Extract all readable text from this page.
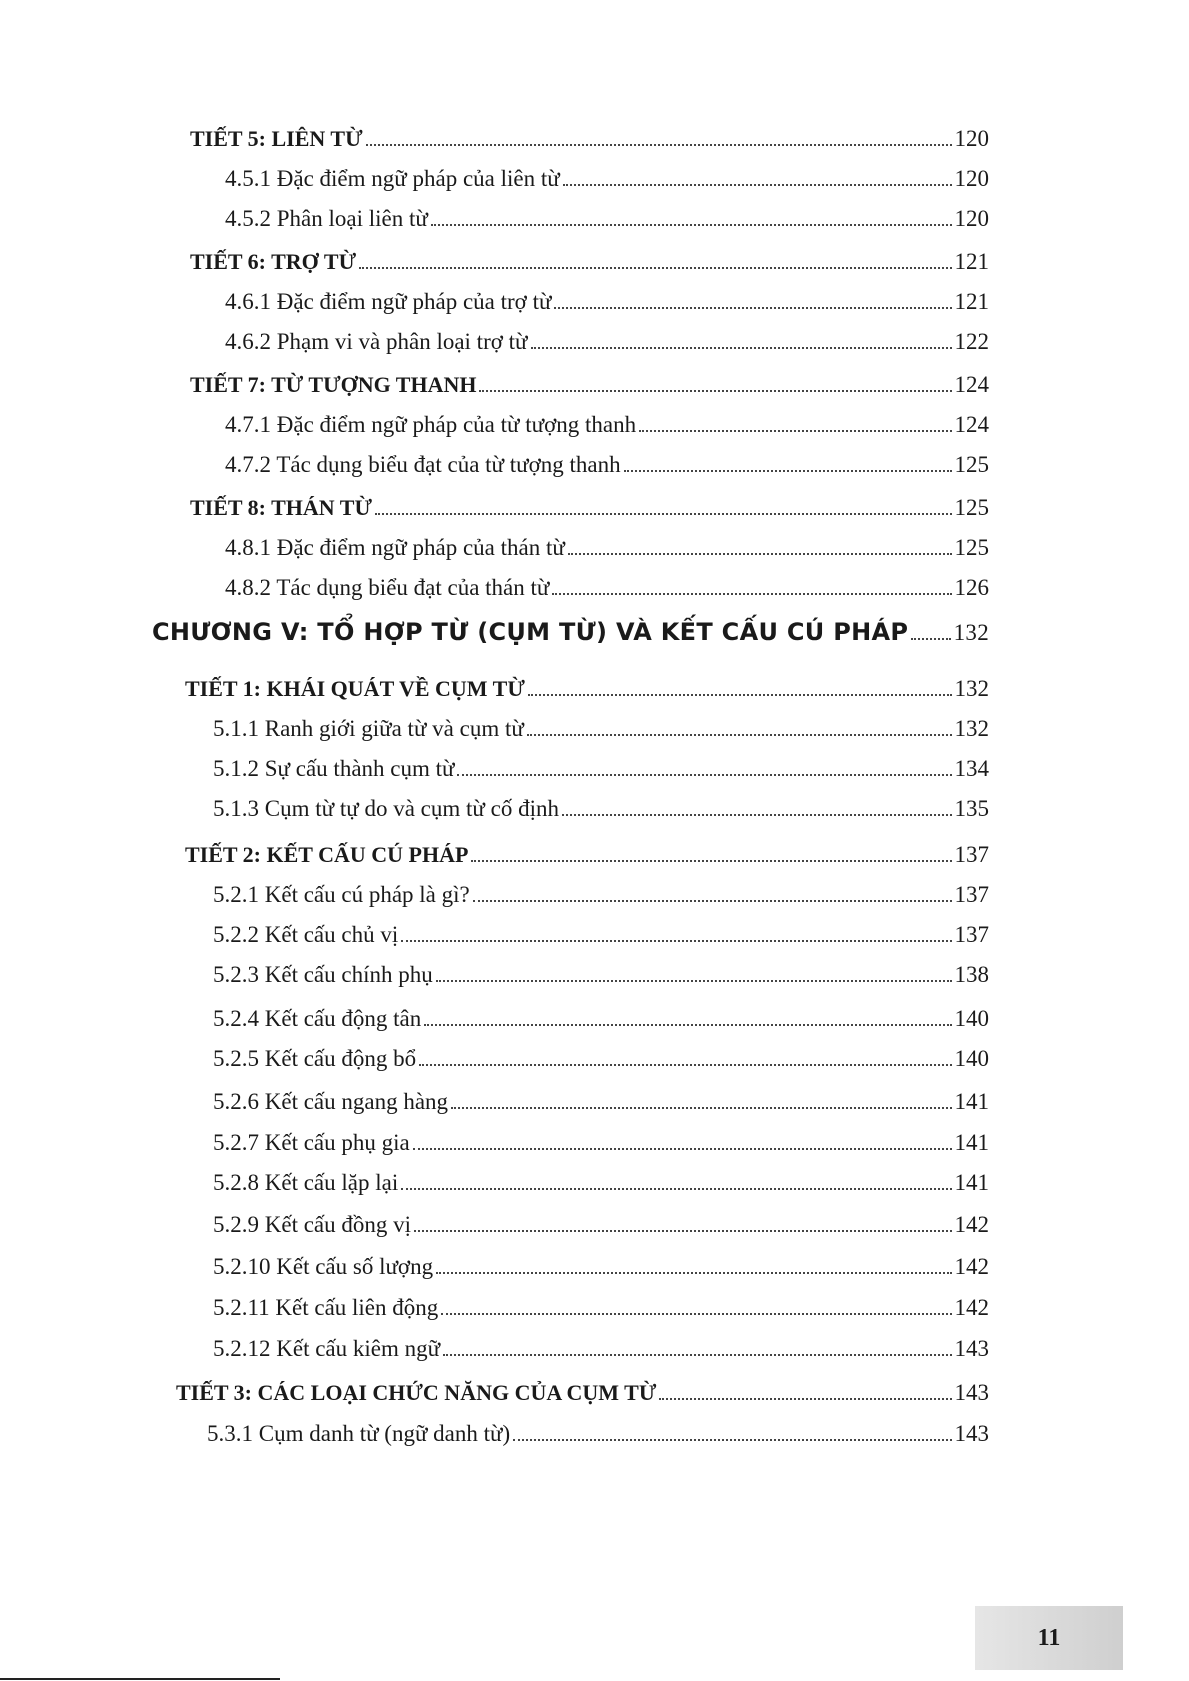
TIẾT 5: LIÊN TỪ	120
4.5.1 Đặc điểm ngữ pháp của liên từ	120
4.5.2 Phân loại liên từ	120
TIẾT 6: TRỢ TỪ	121
4.6.1 Đặc điểm ngữ pháp của trợ từ	121
4.6.2 Phạm vi và phân loại trợ từ	122
TIẾT 7: TỪ TƯỢNG THANH	124
4.7.1 Đặc điểm ngữ pháp của từ tượng thanh	124
4.7.2 Tác dụng biểu đạt của từ tượng thanh	125
TIẾT 8: THÁN TỪ	125
4.8.1 Đặc điểm ngữ pháp của thán từ	125
4.8.2 Tác dụng biểu đạt của thán từ	126
CHƯƠNG V: TỔ HỢP TỪ (CỤM TỪ) VÀ KẾT CẤU CÚ PHÁP 132
TIẾT 1: KHÁI QUÁT VỀ CỤM TỪ	132
5.1.1 Ranh giới giữa từ và cụm từ	132
5.1.2 Sự cấu thành cụm từ	134
5.1.3 Cụm từ tự do và cụm từ cố định	135
TIẾT 2: KẾT CẤU CÚ PHÁP	137
5.2.1 Kết cấu cú pháp là gì?	137
5.2.2 Kết cấu chủ vị	137
5.2.3 Kết cấu chính phụ	138
5.2.4 Kết cấu động tân	140
5.2.5 Kết cấu động bổ	140
5.2.6 Kết cấu ngang hàng	141
5.2.7 Kết cấu phụ gia	141
5.2.8 Kết cấu lặp lại	141
5.2.9 Kết cấu đồng vị	142
5.2.10 Kết cấu số lượng	142
5.2.11 Kết cấu liên động	142
5.2.12 Kết cấu kiêm ngữ	143
TIẾT 3: CÁC LOẠI CHỨC NĂNG CỦA CỤM TỪ	143
5.3.1 Cụm danh từ (ngữ danh từ)	143
11
